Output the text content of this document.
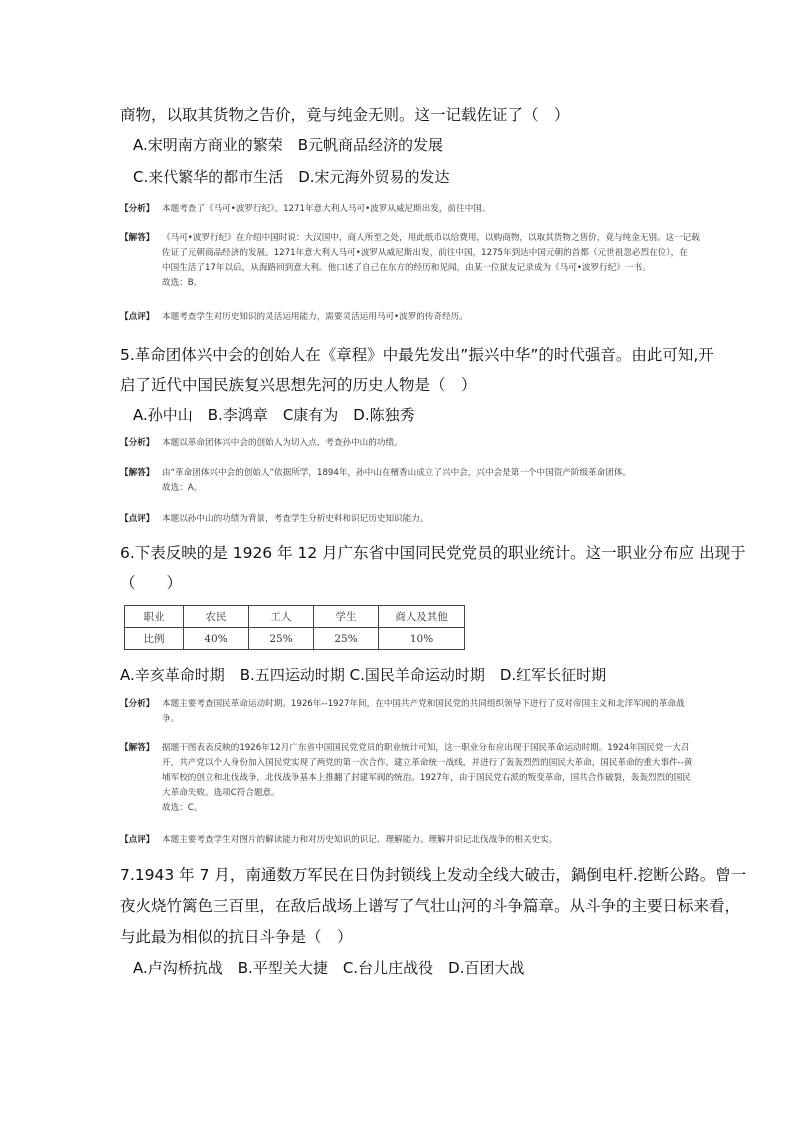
商物，以取其货物之告价，竟与纯金无则。这一记载佐证了（　）
A.宋明南方商业的繁荣　B元帆商品经济的发展
C.来代繁华的都市生活　D.宋元海外贸易的发达
【分析】 本题考查了《马可•波罗行纪》。1271年意大利人马可•波罗从威尼斯出发，前往中国。
【解答】 《马可•波罗行纪》在介绍中国时说：大汉国中，商人所至之处，用此纸币以给费用，以购商物，以取其货物之售价，竟与纯金无别。这一记载
佐证了元朝商品经济的发展。1271年意大利人马可•波罗从威尼斯出发，前往中国，1275年到达中国元朝的首都（元世祖忽必烈在位），在
中国生活了17年以后，从海路回到意大利。他口述了自己在东方的经历和见闻，由某一位狱友记录成为《马可•波罗行纪》一书。
故选：B。
【点评】 本题考查学生对历史知识的灵活运用能力，需要灵活运用马可•波罗的传奇经历。
5.革命团体兴中会的创始人在《章程》中最先发出”振兴中华”的时代强音。由此可知,开
启了近代中国民族复兴思想先河的历史人物是（　）
A.孙中山　B.李鸿章　C康有为　D.陈独秀
【分析】 本题以革命团体兴中会的创始人为切入点，考查孙中山的功绩。
【解答】 由“革命团体兴中会的创始人”依据所学，1894年，孙中山在檀香山成立了兴中会，兴中会是第一个中国资产阶级革命团体。
故选：A。
【点评】 本题以孙中山的功绩为背景，考查学生分析史料和识记历史知识能力。
6.下表反映的是 1926 年 12 月广东省中国同民党党员的职业统计。这一职业分布应 出现于
（　　）
职业	农民	工人	学生	商人及其他
比例	40%	25%	25%	10%
A.辛亥革命时期　B.五四运动时期 C.国民羊命运动时期　D.红军长征时期
【分析】 本题主要考查国民革命运动时期。1926年--1927年间，在中国共产党和国民党的共同组织领导下进行了反对帝国主义和北洋军阀的革命战
争。
【解答】 据题干图表表反映的1926年12月广东省中国国民党党员的职业统计可知，这一职业分布应出现于国民革命运动时期。1924年国民党一大召
开，共产党以个人身份加入国民党实现了两党的第一次合作，建立革命统一战线，并进行了轰轰烈烈的国民大革命，国民革命的重大事件--黄
埔军校的创立和北伐战争，北伐战争基本上推翻了封建军阀的统治。1927年，由于国民党右派的叛变革命，国共合作破裂，轰轰烈烈的国民
大革命失败。选项C符合题意。
故选：C。
【点评】 本题主要考查学生对图片的解读能力和对历史知识的识记、理解能力。理解并识记北伐战争的相关史实。
7.1943 年 7 月，南通数万军民在日伪封锁线上发动全线大破击，鍋倒电杆.挖断公路。曾一
夜火烧竹篱色三百里，在敌后战场上谱写了气壮山河的斗争篇章。从斗争的主要日标来看，
与此最为相似的抗日斗争是（　）
A.卢沟桥抗战　B.平型关大捷　C.台儿庄战役　D.百团大战
